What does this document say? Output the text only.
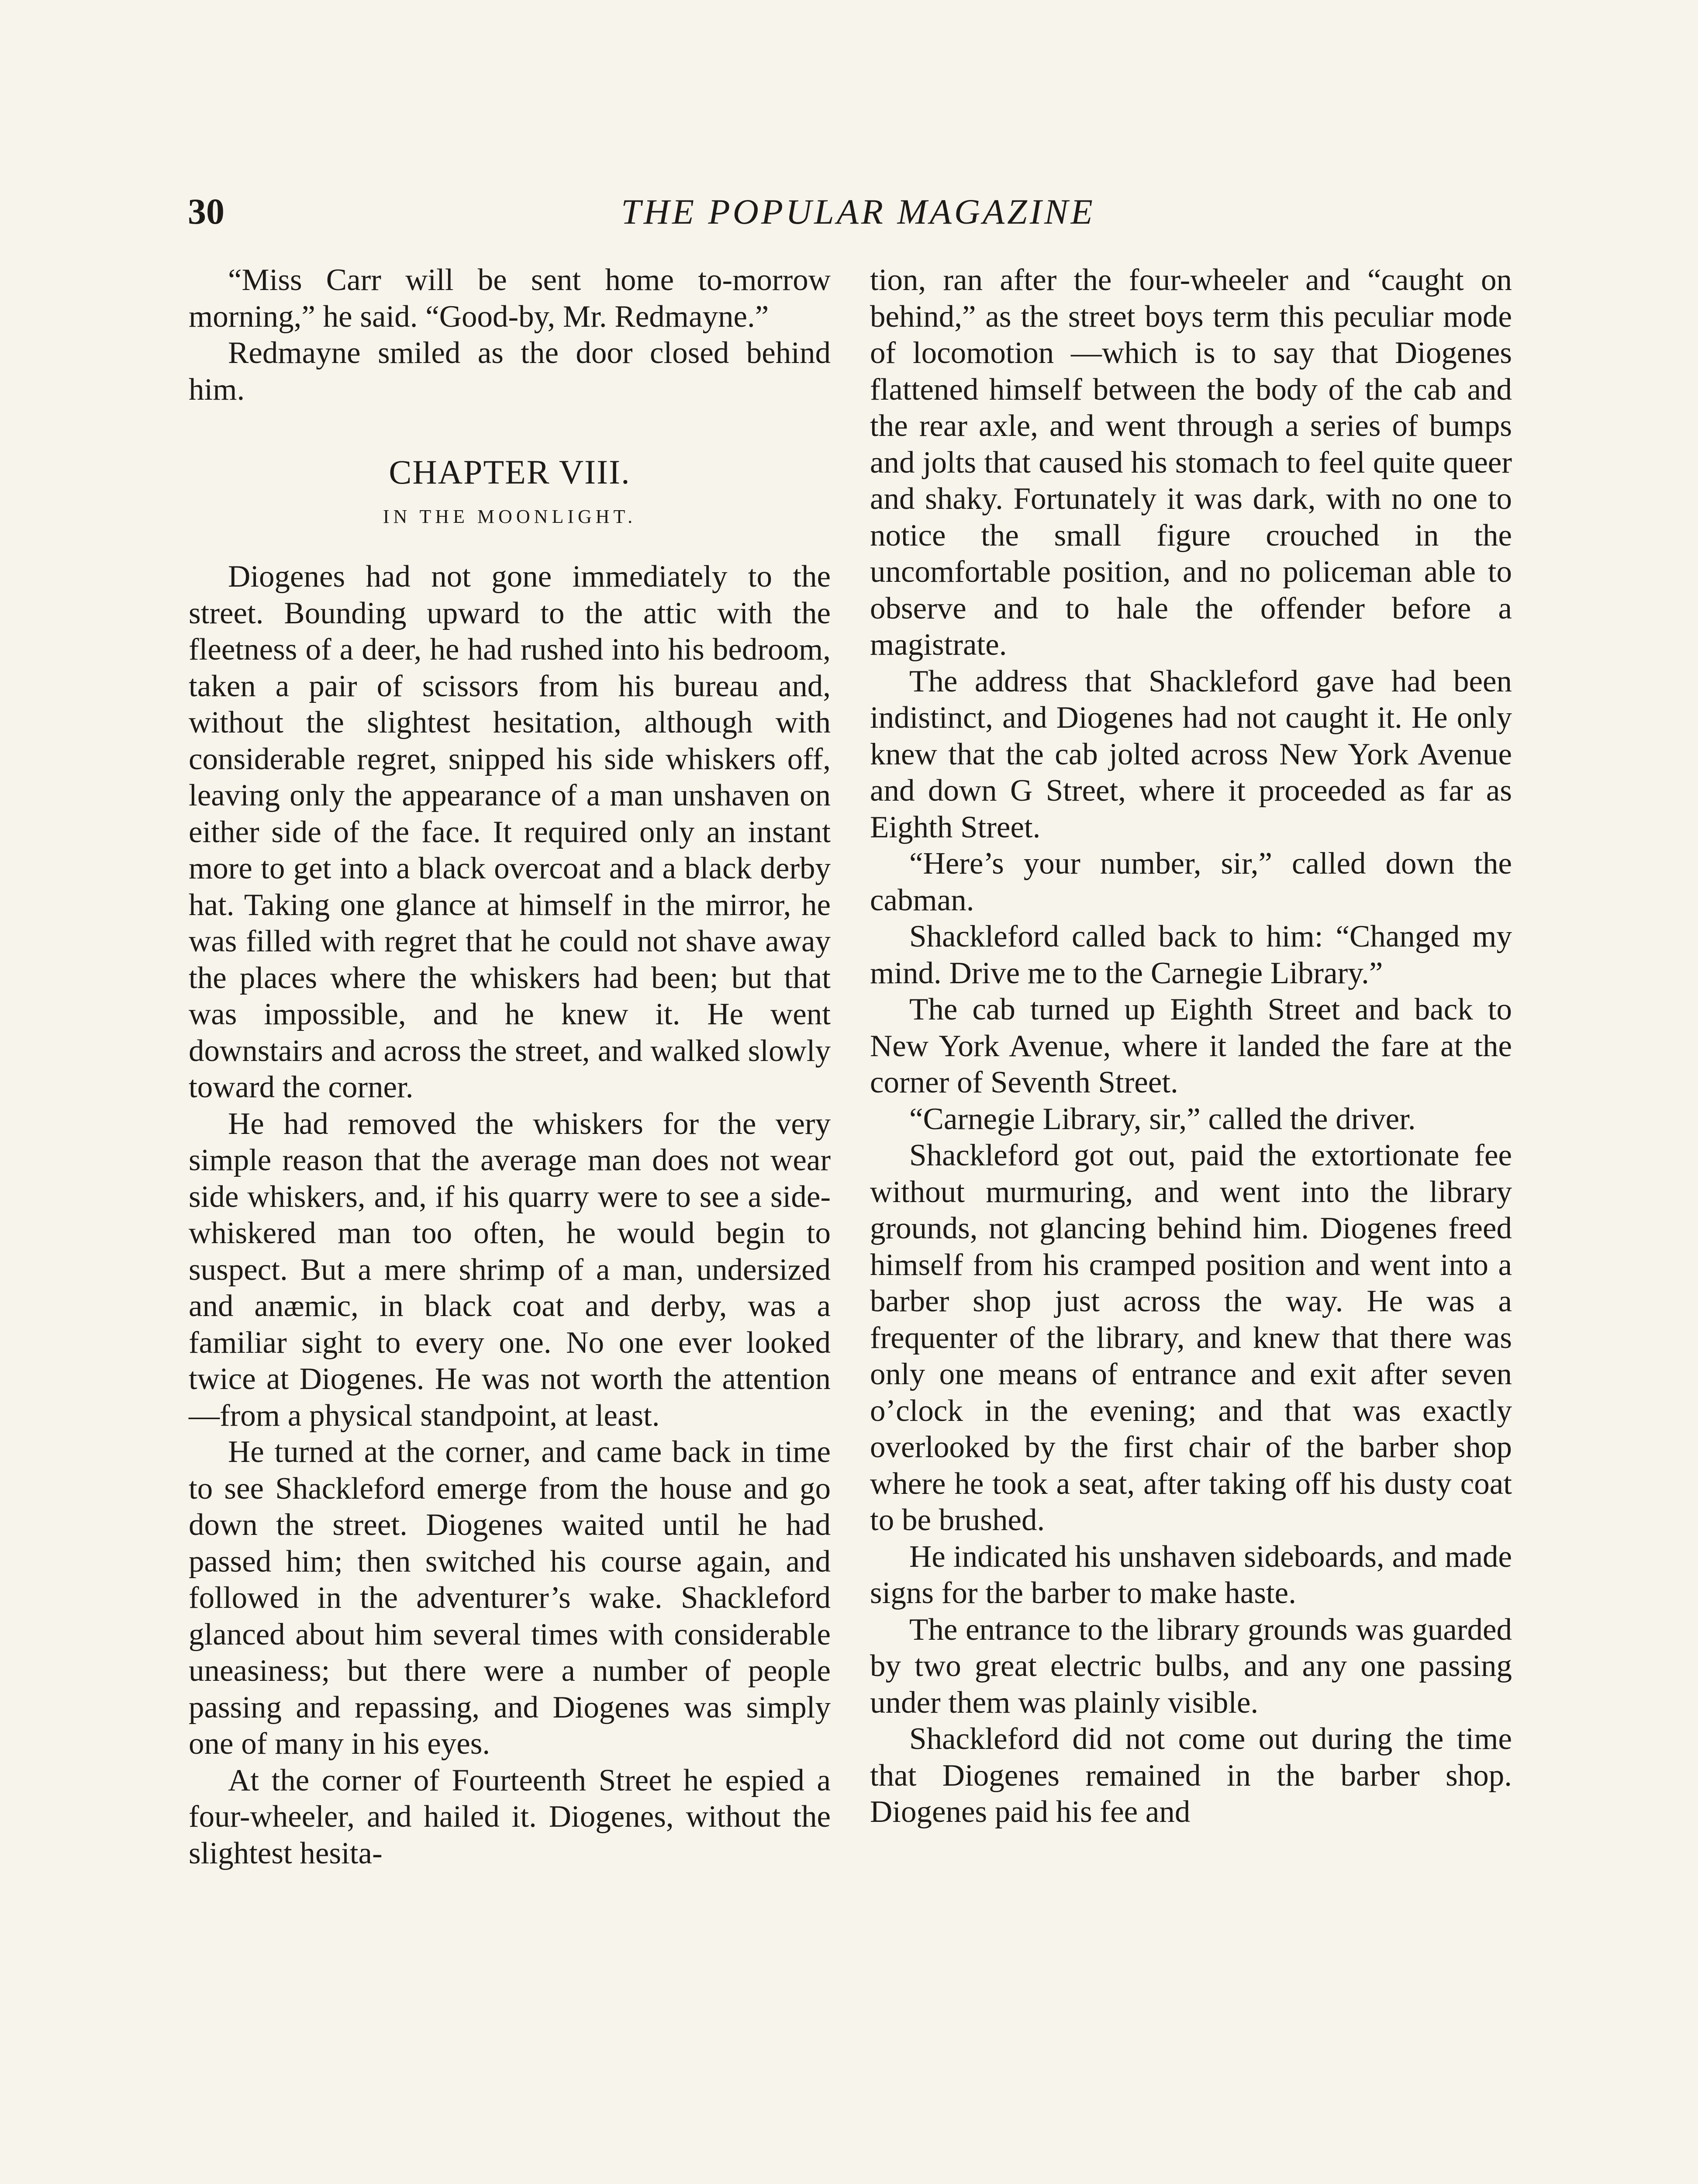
30	THE POPULAR MAGAZINE

“Miss Carr will be sent home to-morrow morning,” he said. “Good-by, Mr. Redmayne.”

Redmayne smiled as the door closed behind him.

CHAPTER VIII.
IN THE MOONLIGHT.

Diogenes had not gone immediately to the street. Bounding upward to the attic with the fleetness of a deer, he had rushed into his bedroom, taken a pair of scissors from his bureau and, without the slightest hesitation, although with considerable regret, snipped his side whiskers off, leaving only the appearance of a man unshaven on either side of the face. It required only an instant more to get into a black overcoat and a black derby hat. Taking one glance at himself in the mirror, he was filled with regret that he could not shave away the places where the whiskers had been; but that was impossible, and he knew it. He went downstairs and across the street, and walked slowly toward the corner.

He had removed the whiskers for the very simple reason that the average man does not wear side whiskers, and, if his quarry were to see a side-whiskered man too often, he would begin to suspect. But a mere shrimp of a man, undersized and anæmic, in black coat and derby, was a familiar sight to every one. No one ever looked twice at Diogenes. He was not worth the attention—from a physical standpoint, at least.

He turned at the corner, and came back in time to see Shackleford emerge from the house and go down the street. Diogenes waited until he had passed him; then switched his course again, and followed in the adventurer’s wake. Shackleford glanced about him several times with considerable uneasiness; but there were a number of people passing and repassing, and Diogenes was simply one of many in his eyes.

At the corner of Fourteenth Street he espied a four-wheeler, and hailed it. Diogenes, without the slightest hesita-

tion, ran after the four-wheeler and “caught on behind,” as the street boys term this peculiar mode of locomotion —which is to say that Diogenes flattened himself between the body of the cab and the rear axle, and went through a series of bumps and jolts that caused his stomach to feel quite queer and shaky. Fortunately it was dark, with no one to notice the small figure crouched in the uncomfortable position, and no policeman able to observe and to hale the offender before a magistrate.

The address that Shackleford gave had been indistinct, and Diogenes had not caught it. He only knew that the cab jolted across New York Avenue and down G Street, where it proceeded as far as Eighth Street.

“Here’s your number, sir,” called down the cabman.

Shackleford called back to him: “Changed my mind. Drive me to the Carnegie Library.”

The cab turned up Eighth Street and back to New York Avenue, where it landed the fare at the corner of Seventh Street.

“Carnegie Library, sir,” called the driver.

Shackleford got out, paid the extortionate fee without murmuring, and went into the library grounds, not glancing behind him. Diogenes freed himself from his cramped position and went into a barber shop just across the way. He was a frequenter of the library, and knew that there was only one means of entrance and exit after seven o’clock in the evening; and that was exactly overlooked by the first chair of the barber shop where he took a seat, after taking off his dusty coat to be brushed.

He indicated his unshaven sideboards, and made signs for the barber to make haste.

The entrance to the library grounds was guarded by two great electric bulbs, and any one passing under them was plainly visible.

Shackleford did not come out during the time that Diogenes remained in the barber shop. Diogenes paid his fee and
